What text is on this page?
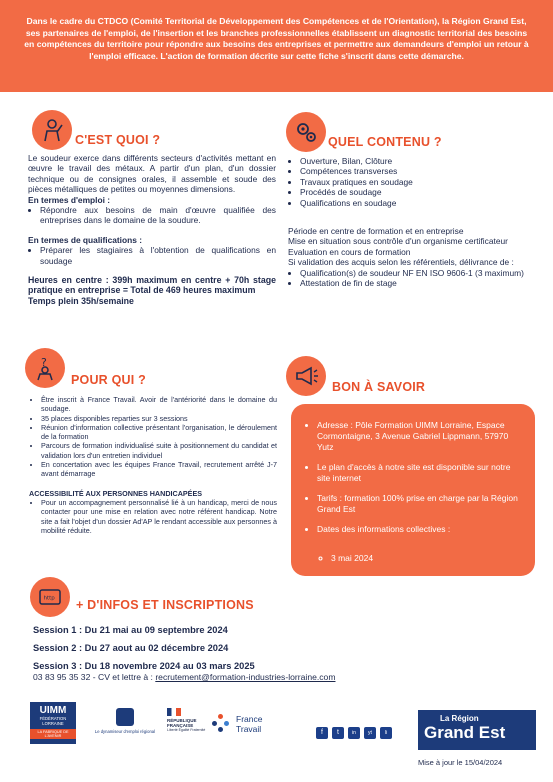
Dans le cadre du CTDCO (Comité Territorial de Développement des Compétences et de l'Orientation), la Région Grand Est, ses partenaires de l'emploi, de l'insertion et les branches professionnelles établissent un diagnostic territorial des besoins en compétences du territoire pour répondre aux besoins des entreprises et permettre aux demandeurs d'emploi un retour à l'emploi efficace. L'action de formation décrite sur cette fiche s'inscrit dans cette démarche.
C'EST QUOI ?

Le soudeur exerce dans différents secteurs d'activités mettant en œuvre le travail des métaux. A partir d'un plan, d'un dossier technique ou de consignes orales, il assemble et soude des pièces métalliques de petites ou moyennes dimensions.

En termes d'emploi :

• Répondre aux besoins de main d'œuvre qualifiée des entreprises dans le domaine de la soudure.

En termes de qualifications :

• Préparer les stagiaires à l'obtention de qualifications en soudage

Heures en centre : 399h maximum en centre + 70h stage pratique en entreprise = Total de 469 heures maximum

Temps plein 35h/semaine

QUEL CONTENU ?
• Ouverture, Bilan, Clôture
• Compétences transverses
• Travaux pratiques en soudage
• Procédés de soudage
• Qualifications en soudage

Période en centre de formation et en entreprise

Mise en situation sous contrôle d'un organisme certificateur

Evaluation en cours de formation

Si validation des acquis selon les référentiels, délivrance de :

• Qualification(s) de soudeur NF EN ISO 9606-1 (3 maximum)
• Attestation de fin de stage
?
POUR QUI ?
• Être inscrit à France Travail. Avoir de l'antériorité dans le domaine du soudage.
• 35 places disponibles reparties sur 3 sessions
• Réunion d'information collective présentant l'organisation, le déroulement de la formation
• Parcours de formation individualisé suite à positionnement du candidat et validation lors d'un entretien individuel
• En concertation avec les équipes France Travail, recrutement arrêté J-7 avant démarrage

ACCESSIBILITÉ AUX PERSONNES HANDICAPÉES

• Pour un accompagnement personnalisé lié à un handicap, merci de nous contacter pour une mise en relation avec notre référent handicap. Notre site a fait l'objet d'un dossier Ad'AP le rendant accessible aux personnes à mobilité réduite.
BON À SAVOIR
• Adresse : Pôle Formation UIMM Lorraine, Espace Cormontaigne, 3 Avenue Gabriel Lippmann, 57970 Yutz
• Le plan d'accès à notre site est disponible sur notre site internet
• Tarifs : formation 100% prise en charge par la Région Grand Est
• Dates des informations collectives :
◦ 3 mai 2024
http + D'INFOS ET INSCRIPTIONS
Session 1 : Du 21 mai au 09 septembre 2024
Session 2 : Du 27 aout au 02 décembre 2024
Session 3 : Du 18 novembre 2024 au 03 mars 2025
03 83 95 35 32 - CV et lettre à : recrutement@formation-industries-lorraine.com
UIMM
FÉDÉRATION
LORRAINE
LA FABRIQUE DE L'AVENIR
Le dynamiseur d'emploi régional
RÉPUBLIQUE
FRANÇAISE
Liberté Égalité Fraternité
France
Travail	f	t	in	yt	li
La Région
Grand Est
Mise à jour le 15/04/2024
